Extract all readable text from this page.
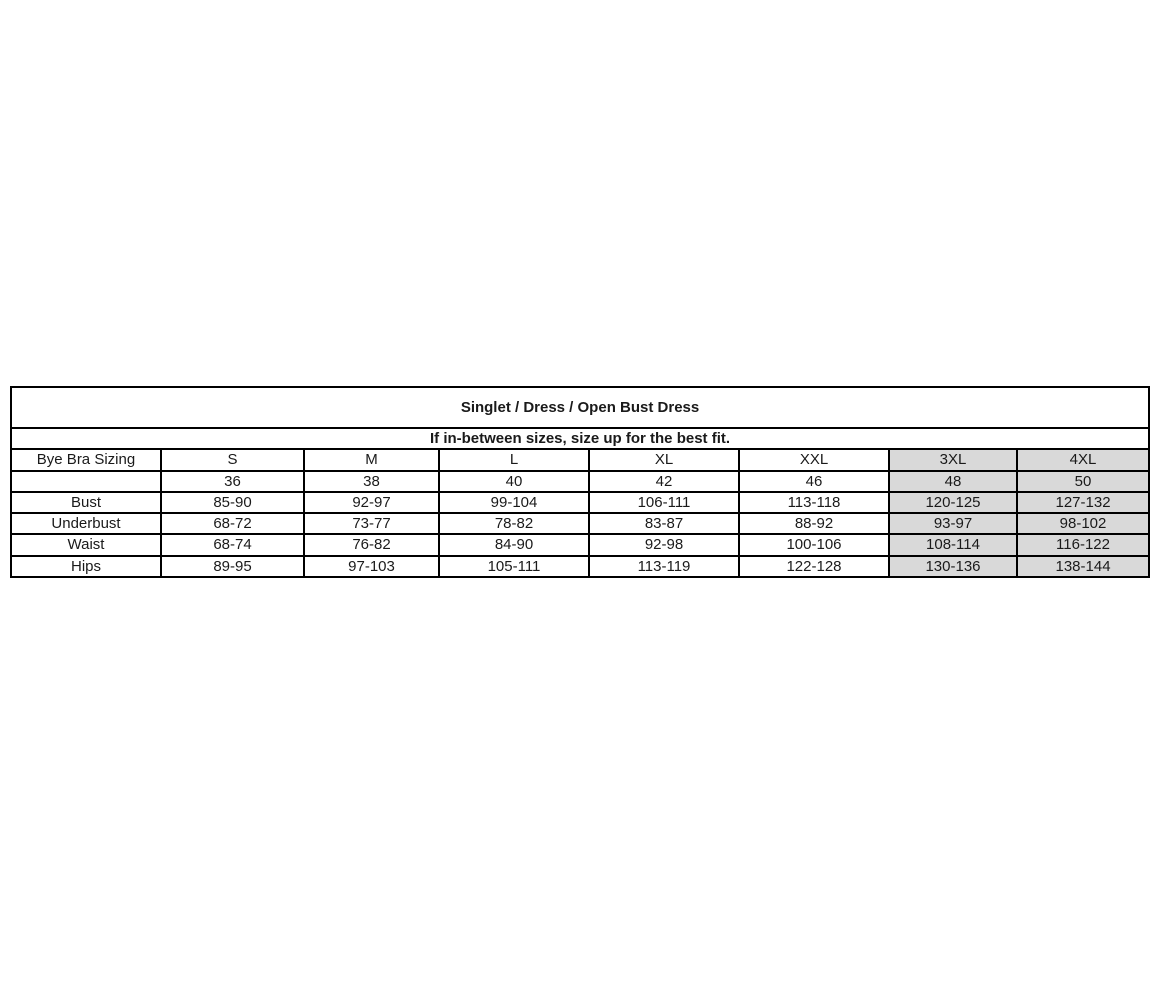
Singlet / Dress / Open Bust Dress							
If in-between sizes, size up for the best fit.							
Bye Bra Sizing	S	M	L	XL	XXL	3XL	4XL
	36	38	40	42	46	48	50
Bust	85-90	92-97	99-104	106-111	113-118	120-125	127-132
Underbust	68-72	73-77	78-82	83-87	88-92	93-97	98-102
Waist	68-74	76-82	84-90	92-98	100-106	108-114	116-122
Hips	89-95	97-103	105-111	113-119	122-128	130-136	138-144
